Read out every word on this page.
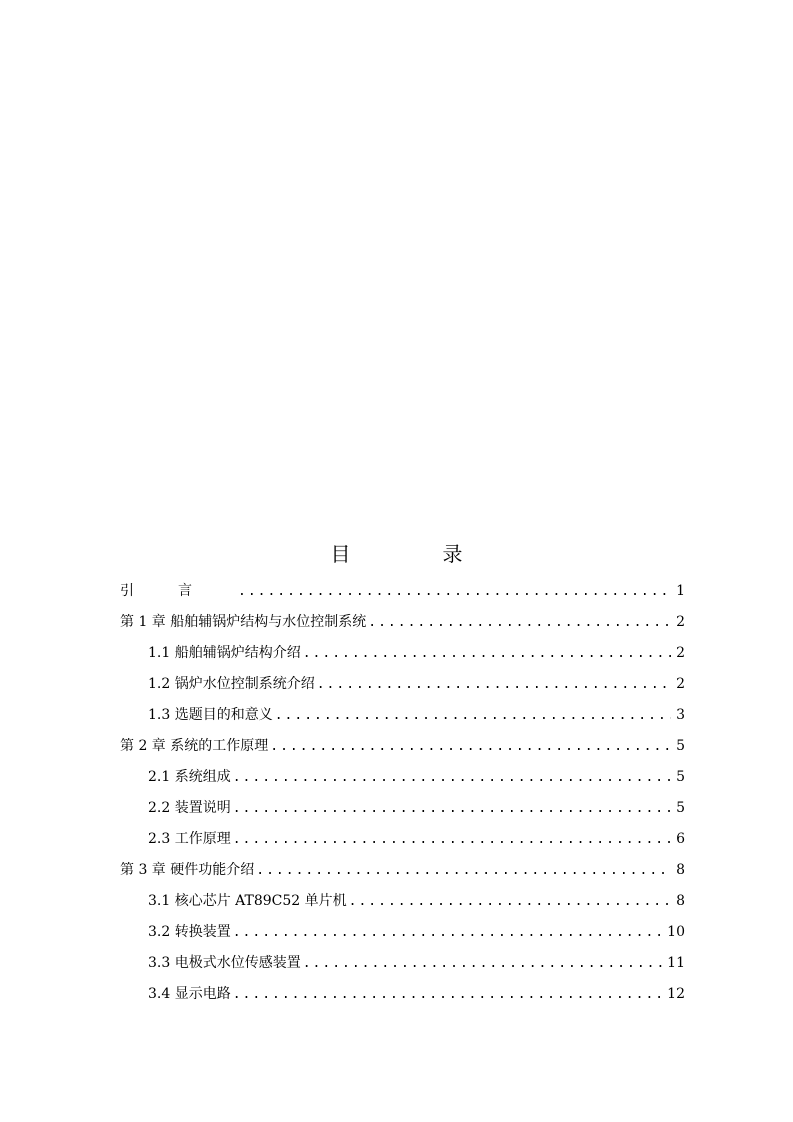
目　录
引言 .....	1
第 1 章 船舶辅锅炉结构与水位控制系统 .....	2
1.1 船舶辅锅炉结构介绍 .....	2
1.2 锅炉水位控制系统介绍 .....	2
1.3 选题目的和意义 .....	3
第 2 章 系统的工作原理 .....	5
2.1 系统组成 .....	5
2.2 装置说明 .....	5
2.3 工作原理 .....	6
第 3 章 硬件功能介绍 .....	8
3.1 核心芯片 AT89C52 单片机 .....	8
3.2 转换装置 .....	10
3.3 电极式水位传感装置 .....	11
3.4 显示电路 .....	12
